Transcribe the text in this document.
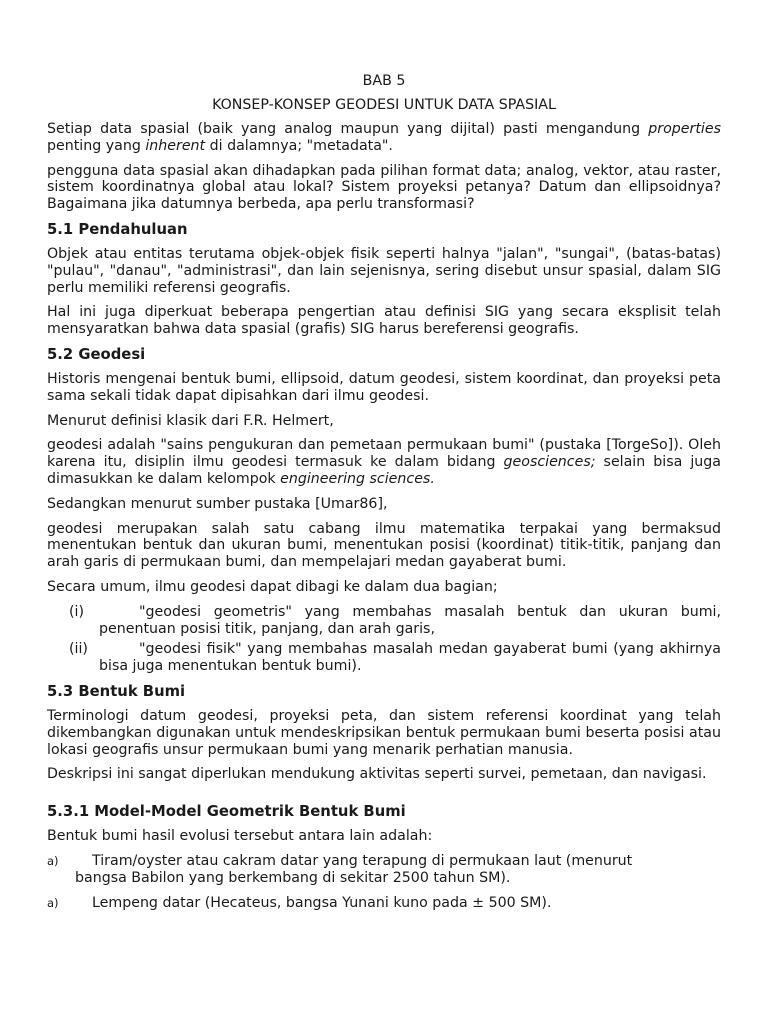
BAB 5
KONSEP-KONSEP GEODESI UNTUK DATA SPASIAL

Setiap data spasial (baik yang analog maupun yang dijital) pasti mengandung properties penting yang inherent di dalamnya; "metadata".

pengguna data spasial akan dihadapkan pada pilihan format data; analog, vektor, atau raster, sistem koordinatnya global atau lokal? Sistem proyeksi petanya? Datum dan ellipsoidnya? Bagaimana jika datumnya berbeda, apa perlu transformasi?

5.1 Pendahuluan

Objek atau entitas terutama objek-objek fisik seperti halnya "jalan", "sungai", (batas-batas) "pulau", "danau", "administrasi", dan lain sejenisnya, sering disebut unsur spasial, dalam SIG perlu memiliki referensi geografis.

Hal ini juga diperkuat beberapa pengertian atau definisi SIG yang secara eksplisit telah mensyaratkan bahwa data spasial (grafis) SIG harus bereferensi geografis.

5.2 Geodesi

Historis mengenai bentuk bumi, ellipsoid, datum geodesi, sistem koordinat, dan proyeksi peta sama sekali tidak dapat dipisahkan dari ilmu geodesi.

Menurut definisi klasik dari F.R. Helmert,

geodesi adalah "sains pengukuran dan pemetaan permukaan bumi" (pustaka [TorgeSo]). Oleh karena itu, disiplin ilmu geodesi termasuk ke dalam bidang geosciences; selain bisa juga dimasukkan ke dalam kelompok engineering sciences.

Sedangkan menurut sumber pustaka [Umar86],

geodesi merupakan salah satu cabang ilmu matematika terpakai yang bermaksud menentukan bentuk dan ukuran bumi, menentukan posisi (koordinat) titik-titik, panjang dan arah garis di permukaan bumi, dan mempelajari medan gayaberat bumi.

Secara umum, ilmu geodesi dapat dibagi ke dalam dua bagian;

(i)	"geodesi geometris" yang membahas masalah bentuk dan ukuran bumi, penentuan posisi titik, panjang, dan arah garis,
(ii)	"geodesi fisik" yang membahas masalah medan gayaberat bumi (yang akhirnya bisa juga menentukan bentuk bumi).
5.3 Bentuk Bumi

Terminologi datum geodesi, proyeksi peta, dan sistem referensi koordinat yang telah dikembangkan digunakan untuk mendeskripsikan bentuk permukaan bumi beserta posisi atau lokasi geografis unsur permukaan bumi yang menarik perhatian manusia.

Deskripsi ini sangat diperlukan mendukung aktivitas seperti survei, pemetaan, dan navigasi.

5.3.1 Model-Model Geometrik Bentuk Bumi

Bentuk bumi hasil evolusi tersebut antara lain adalah:

a)	Tiram/oyster atau cakram datar yang terapung di permukaan laut (menurut
bangsa Babilon yang berkembang di sekitar 2500 tahun SM).
a)	Lempeng datar (Hecateus, bangsa Yunani kuno pada ± 500 SM).
